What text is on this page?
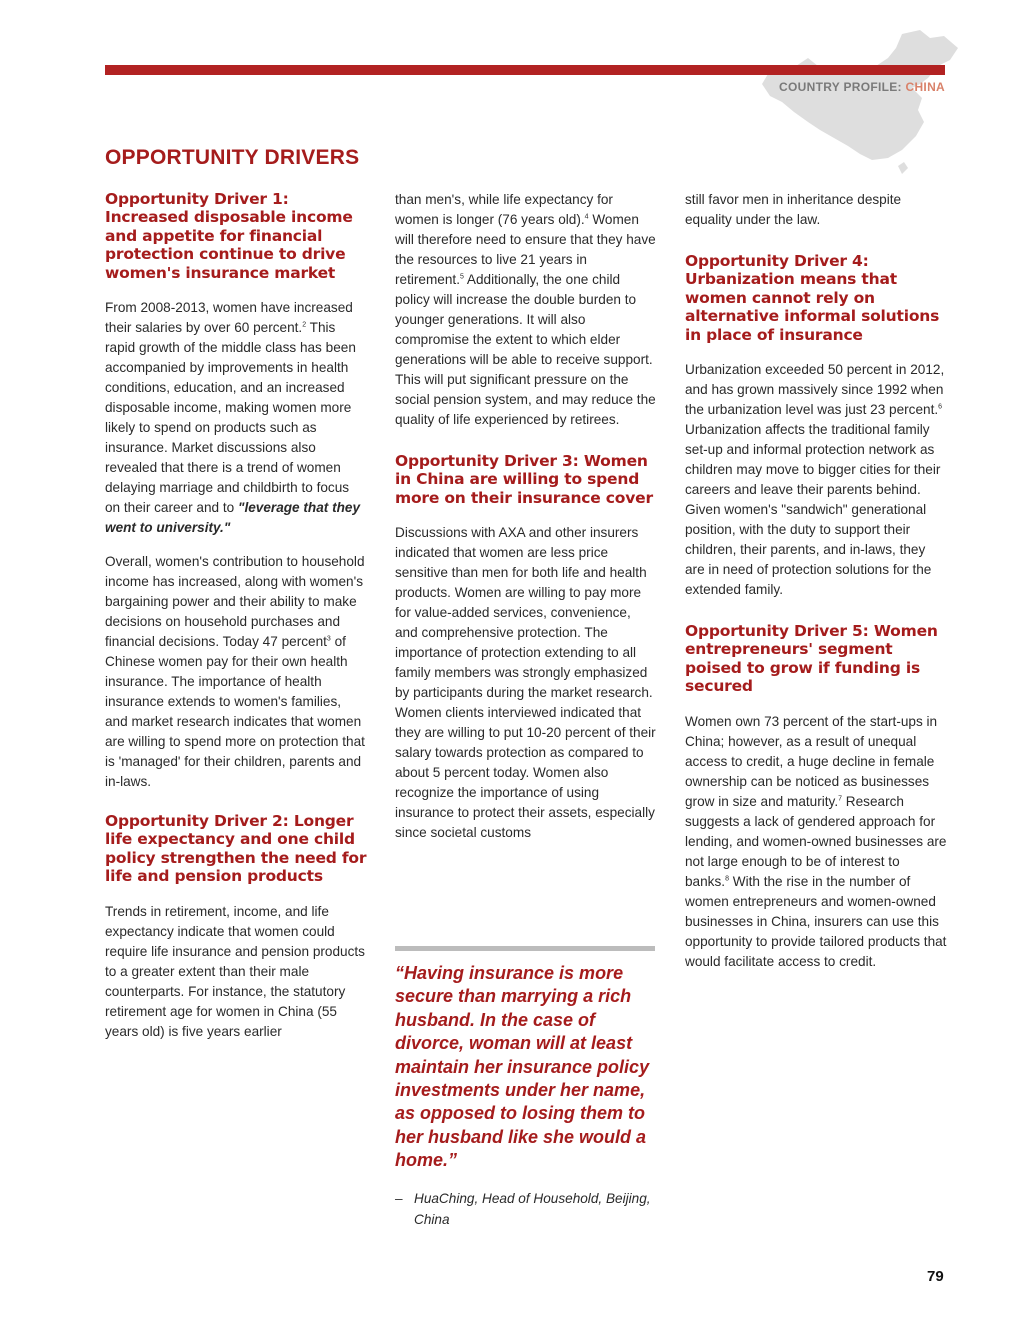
COUNTRY PROFILE: CHINA
OPPORTUNITY DRIVERS
Opportunity Driver 1: Increased disposable income and appetite for financial protection continue to drive women's insurance market

From 2008-2013, women have increased their salaries by over 60 percent.$^2$ This rapid growth of the middle class has been accompanied by improvements in health conditions, education, and an increased disposable income, making women more likely to spend on products such as insurance. Market discussions also revealed that there is a trend of women delaying marriage and childbirth to focus on their career and to "leverage that they went to university."

Overall, women's contribution to household income has increased, along with women's bargaining power and their ability to make decisions on household purchases and financial decisions. Today 47 percent$^3$ of Chinese women pay for their own health insurance. The importance of health insurance extends to women's families, and market research indicates that women are willing to spend more on protection that is 'managed' for their children, parents and in-laws.

Opportunity Driver 2: Longer life expectancy and one child policy strengthen the need for life and pension products

Trends in retirement, income, and life expectancy indicate that women could require life insurance and pension products to a greater extent than their male counterparts. For instance, the statutory retirement age for women in China (55 years old) is five years earlier

than men's, while life expectancy for women is longer (76 years old).$^4$ Women will therefore need to ensure that they have the resources to live 21 years in retirement.$^5$ Additionally, the one child policy will increase the double burden to younger generations. It will also compromise the extent to which elder generations will be able to receive support. This will put significant pressure on the social pension system, and may reduce the quality of life experienced by retirees.

Opportunity Driver 3: Women in China are willing to spend more on their insurance cover

Discussions with AXA and other insurers indicated that women are less price sensitive than men for both life and health products. Women are willing to pay more for value-added services, convenience, and comprehensive protection. The importance of protection extending to all family members was strongly emphasized by participants during the market research. Women clients interviewed indicated that they are willing to put 10-20 percent of their salary towards protection as compared to about 5 percent today. Women also recognize the importance of using insurance to protect their assets, especially since societal customs

“Having insurance is more secure than marrying a rich husband. In the case of divorce, woman will at least maintain her insurance policy investments under her name, as opposed to losing them to her husband like she would a home.”

– HuaChing, Head of Household, Beijing, China

still favor men in inheritance despite equality under the law.

Opportunity Driver 4: Urbanization means that women cannot rely on alternative informal solutions in place of insurance

Urbanization exceeded 50 percent in 2012, and has grown massively since 1992 when the urbanization level was just 23 percent.$^6$ Urbanization affects the traditional family set-up and informal protection network as children may move to bigger cities for their careers and leave their parents behind. Given women's "sandwich" generational position, with the duty to support their children, their parents, and in-laws, they are in need of protection solutions for the extended family.

Opportunity Driver 5: Women entrepreneurs' segment poised to grow if funding is secured

Women own 73 percent of the start-ups in China; however, as a result of unequal access to credit, a huge decline in female ownership can be noticed as businesses grow in size and maturity.$^7$ Research suggests a lack of gendered approach for lending, and women-owned businesses are not large enough to be of interest to banks.$^8$ With the rise in the number of women entrepreneurs and women-owned businesses in China, insurers can use this opportunity to provide tailored products that would facilitate access to credit.

79
